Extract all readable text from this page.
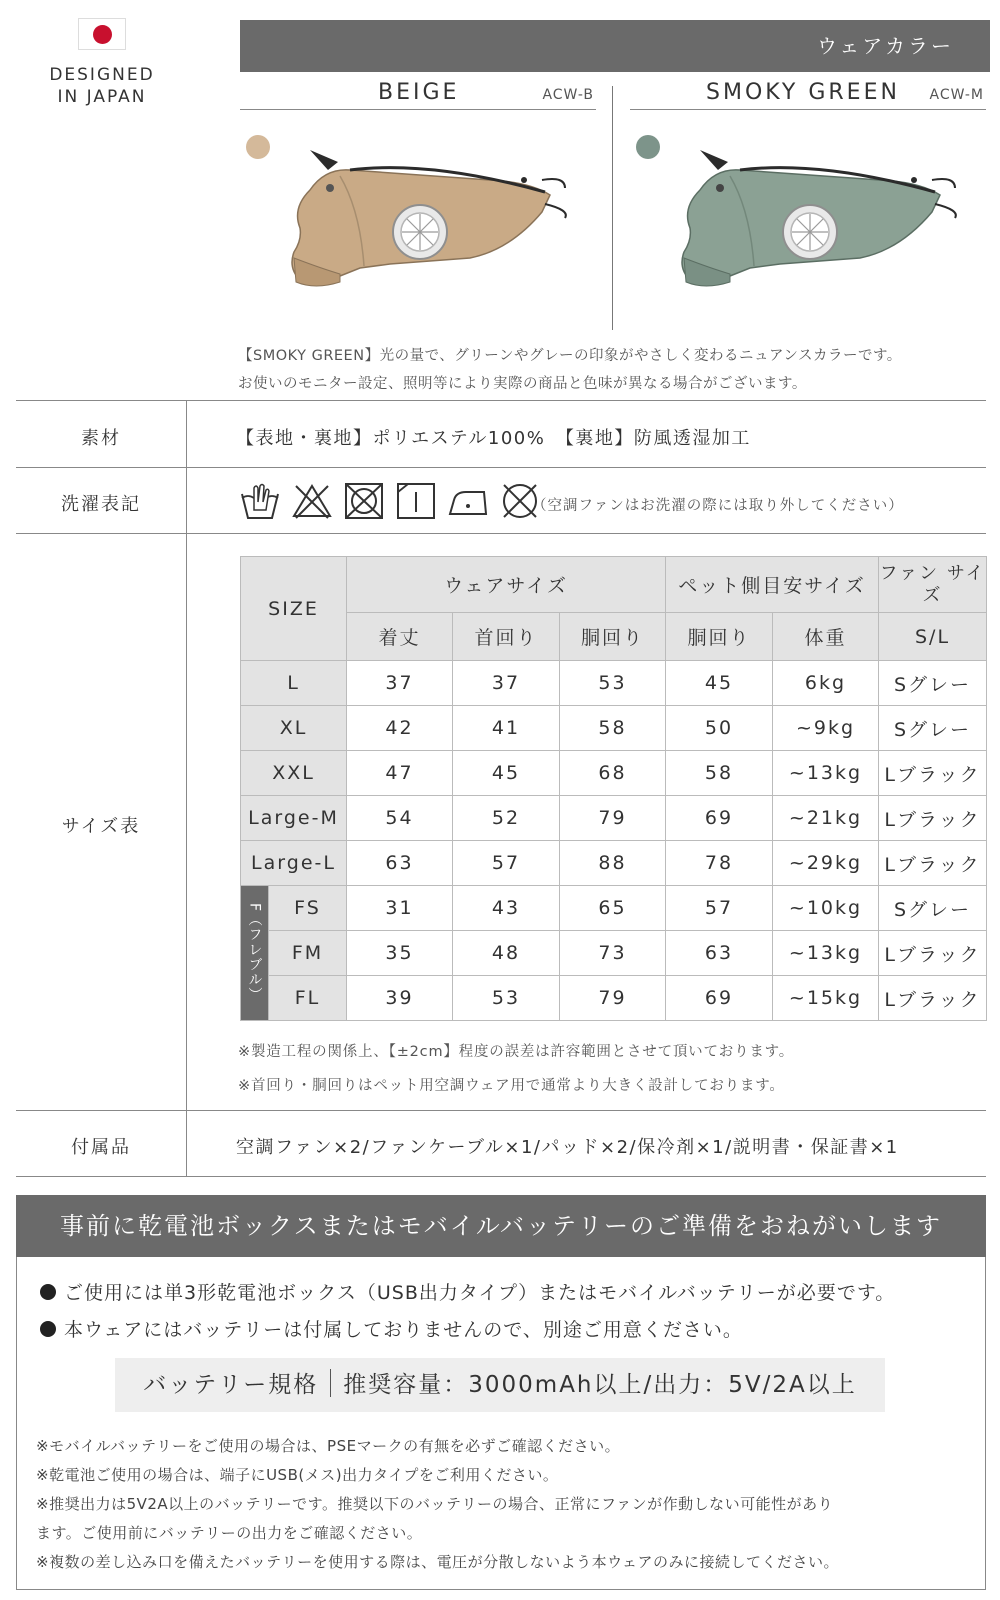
DESIGNED
IN JAPAN
ウェアカラー
BEIGE	ACW-B	SMOKY GREEN ACW-M
【SMOKY GREEN】光の量で、グリーンやグレーの印象がやさしく変わるニュアンスカラーです。
お使いのモニター設定、照明等により実際の商品と色味が異なる場合がございます。
素材	【表地・裏地】ポリエステル100%　【裏地】防風透湿加工
洗濯表記	（空調ファンはお洗濯の際には取り外してください）
サイズ表
SIZE		ウェアサイズ			ペット側目安サイズ		ファン サイズ
		着丈	首回り	胴回り	胴回り	体重	S/L
L		37	37	53	45	6kg	Sグレー
XL		42	41	58	50	~9kg	Sグレー
XXL		47	45	68	58	~13kg	Lブラック
Large-M		54	52	79	69	~21kg	Lブラック
Large-L		63	57	88	78	~29kg	Lブラック
F（フレブル）	FS	31	43	65	57	~10kg	Sグレー
	FM	35	48	73	63	~13kg	Lブラック
	FL	39	53	79	69	~15kg	Lブラック
※製造工程の関係上、【±2cm】程度の誤差は許容範囲とさせて頂いております。
※首回り・胴回りはペット用空調ウェア用で通常より大きく設計しております。
付属品	空調ファン×2/ファンケーブル×1/パッド×2/保冷剤×1/説明書・保証書×1
事前に乾電池ボックスまたはモバイルバッテリーのご準備をおねがいします
ご使用には単3形乾電池ボックス（USB出力タイプ）またはモバイルバッテリーが必要です。
本ウェアにはバッテリーは付属しておりませんので、別途ご用意ください。
バッテリー規格 推奨容量：3000mAh以上/出力：5V/2A以上
※モバイルバッテリーをご使用の場合は、PSEマークの有無を必ずご確認ください。
※乾電池ご使用の場合は、端子にUSB(メス)出力タイプをご利用ください。
※推奨出力は5V2A以上のバッテリーです。推奨以下のバッテリーの場合、正常にファンが作動しない可能性があり
ます。ご使用前にバッテリーの出力をご確認ください。
※複数の差し込み口を備えたバッテリーを使用する際は、電圧が分散しないよう本ウェアのみに接続してください。
